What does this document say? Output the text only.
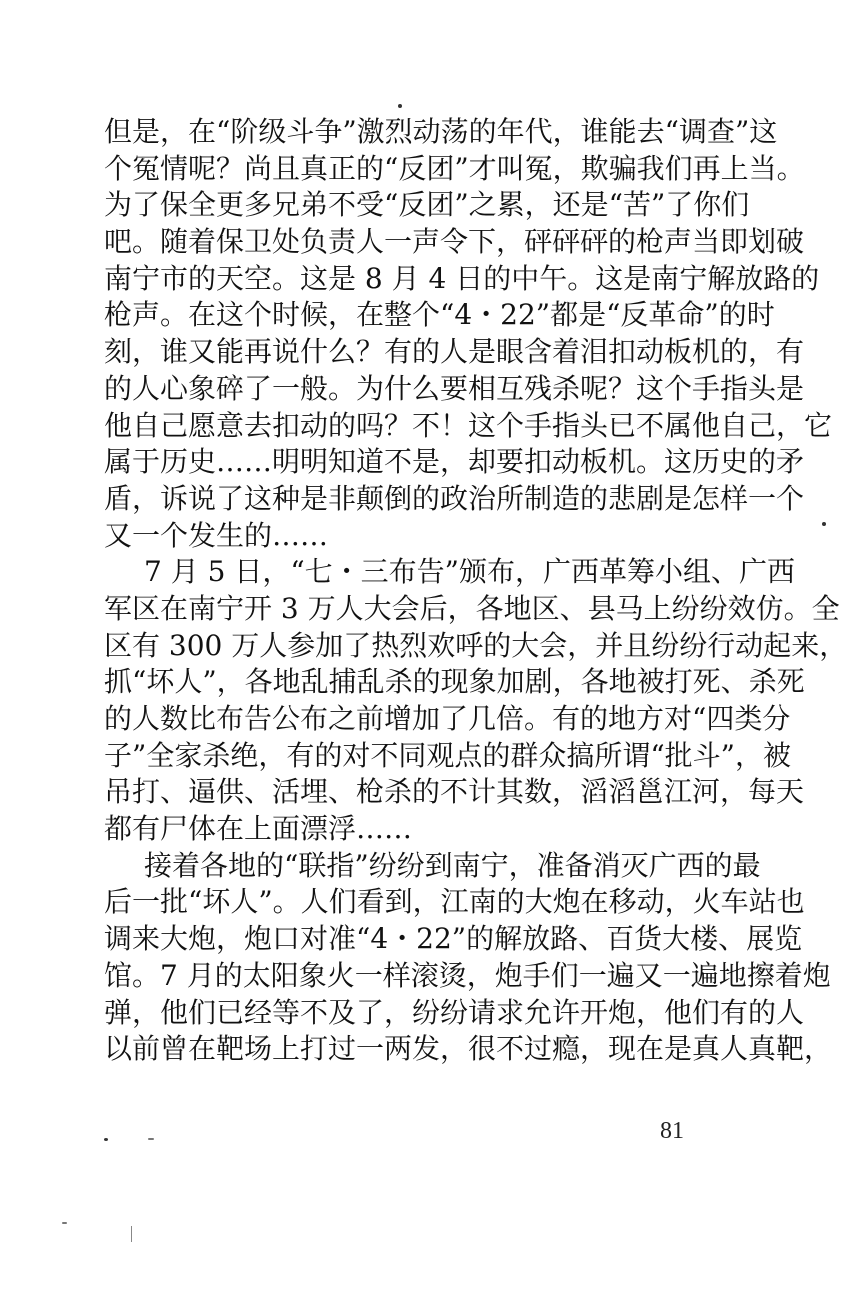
但是，在“阶级斗争”激烈动荡的年代，谁能去“调查”这
个冤情呢？尚且真正的“反团”才叫冤，欺骗我们再上当。
为了保全更多兄弟不受“反团”之累，还是“苦”了你们
吧。随着保卫处负责人一声令下，砰砰砰的枪声当即划破
南宁市的天空。这是 8 月 4 日的中午。这是南宁解放路的
枪声。在这个时候，在整个“4・22”都是“反革命”的时
刻，谁又能再说什么？有的人是眼含着泪扣动板机的，有
的人心象碎了一般。为什么要相互残杀呢？这个手指头是
他自己愿意去扣动的吗？不！这个手指头已不属他自己，它
属于历史……明明知道不是，却要扣动板机。这历史的矛
盾，诉说了这种是非颠倒的政治所制造的悲剧是怎样一个
又一个发生的……
7 月 5 日，“七・三布告”颁布，广西革筹小组、广西
军区在南宁开 3 万人大会后，各地区、县马上纷纷效仿。全
区有 300 万人参加了热烈欢呼的大会，并且纷纷行动起来，
抓“坏人”，各地乱捕乱杀的现象加剧，各地被打死、杀死
的人数比布告公布之前增加了几倍。有的地方对“四类分
子”全家杀绝，有的对不同观点的群众搞所谓“批斗”，被
吊打、逼供、活埋、枪杀的不计其数，滔滔邕江河，每天
都有尸体在上面漂浮……
接着各地的“联指”纷纷到南宁，准备消灭广西的最
后一批“坏人”。人们看到，江南的大炮在移动，火车站也
调来大炮，炮口对准“4・22”的解放路、百货大楼、展览
馆。7 月的太阳象火一样滚烫，炮手们一遍又一遍地擦着炮
弹，他们已经等不及了，纷纷请求允许开炮，他们有的人
以前曾在靶场上打过一两发，很不过瘾，现在是真人真靶，
81
